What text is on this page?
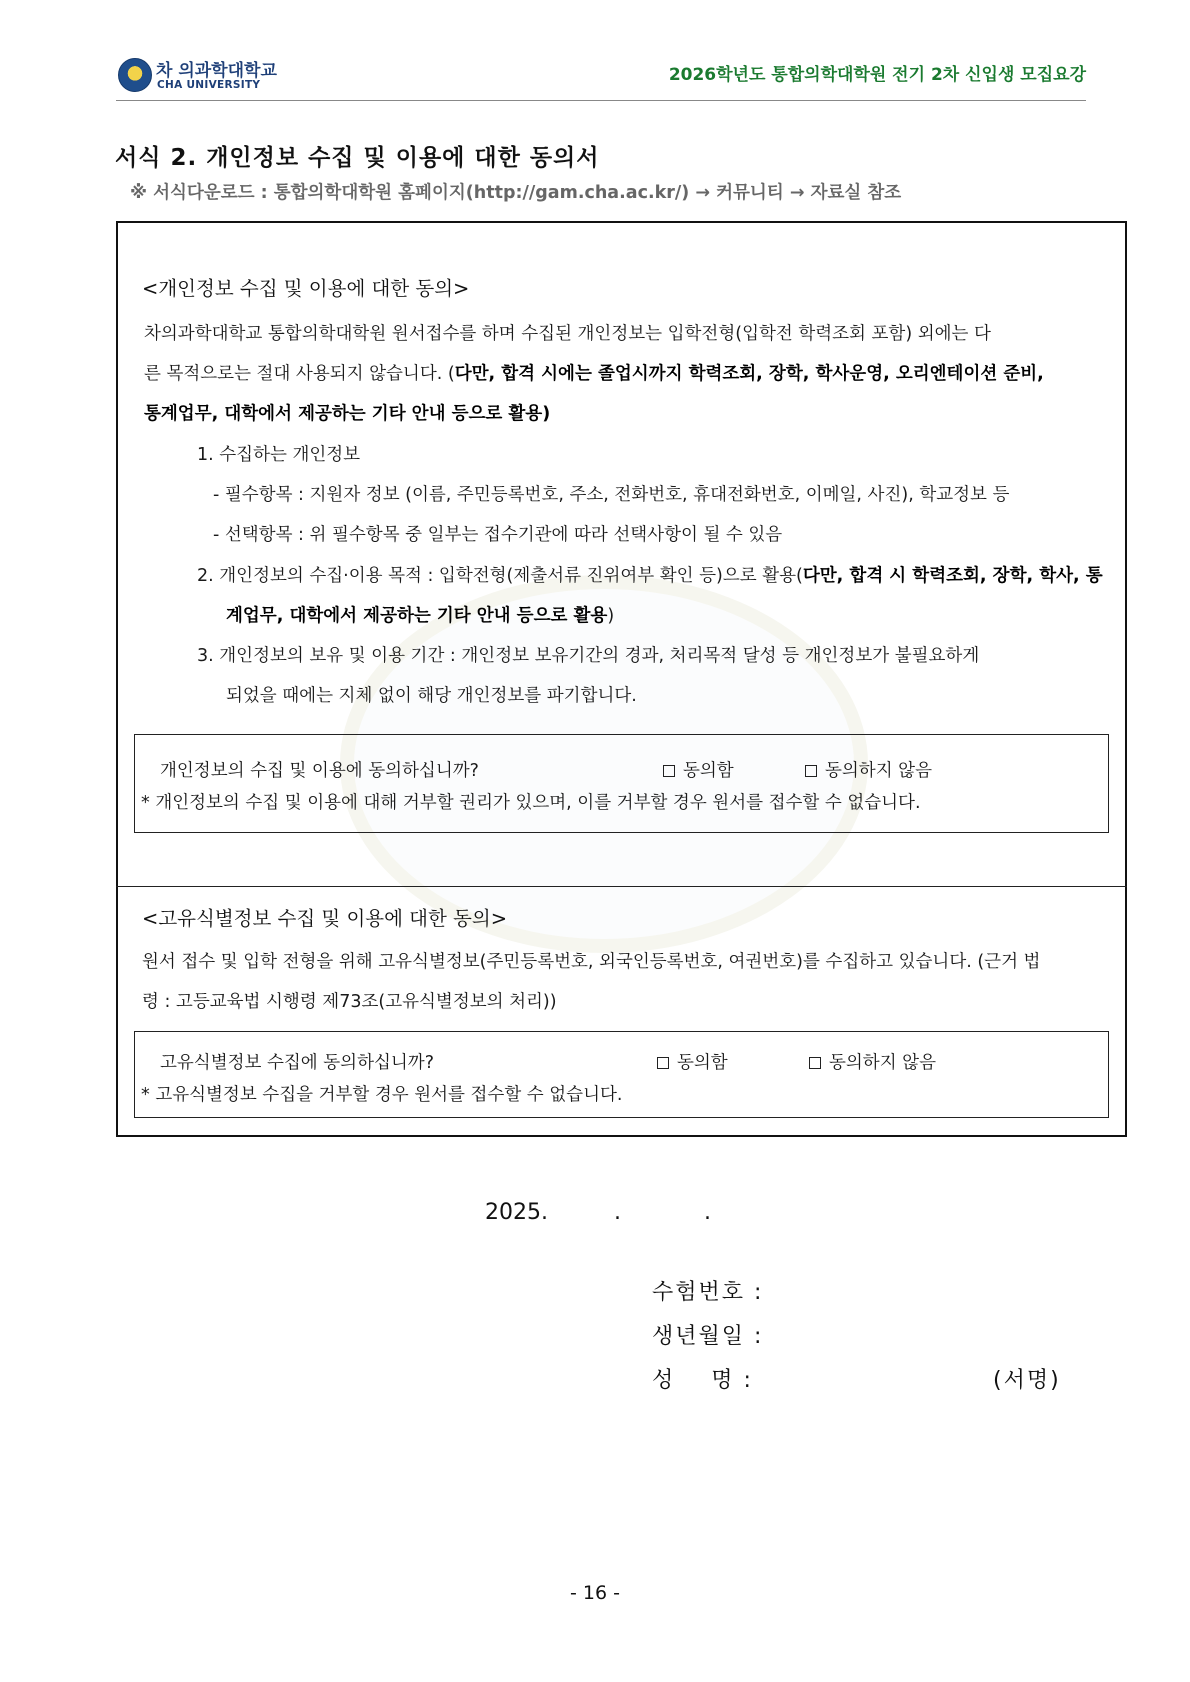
차 의과학대학교
CHA UNIVERSITY	2026학년도 통합의학대학원 전기 2차 신입생 모집요강
서식 2. 개인정보 수집 및 이용에 대한 동의서
※ 서식다운로드 : 통합의학대학원 홈페이지(http://gam.cha.ac.kr/) → 커뮤니티 → 자료실 참조
<개인정보 수집 및 이용에 대한 동의>
차의과학대학교 통합의학대학원 원서접수를 하며 수집된 개인정보는 입학전형(입학전 학력조회 포함) 외에는 다
른 목적으로는 절대 사용되지 않습니다. (다만, 합격 시에는 졸업시까지 학력조회, 장학, 학사운영, 오리엔테이션 준비,
통계업무, 대학에서 제공하는 기타 안내 등으로 활용)
1. 수집하는 개인정보
- 필수항목 : 지원자 정보 (이름, 주민등록번호, 주소, 전화번호, 휴대전화번호, 이메일, 사진), 학교정보 등
- 선택항목 : 위 필수항목 중 일부는 접수기관에 따라 선택사항이 될 수 있음
2. 개인정보의 수집·이용 목적 : 입학전형(제출서류 진위여부 확인 등)으로 활용(다만, 합격 시 학력조회, 장학, 학사, 통
계업무, 대학에서 제공하는 기타 안내 등으로 활용)
3. 개인정보의 보유 및 이용 기간 : 개인정보 보유기간의 경과, 처리목적 달성 등 개인정보가 불필요하게
되었을 때에는 지체 없이 해당 개인정보를 파기합니다.
개인정보의 수집 및 이용에 동의하십니까?	동의함	동의하지 않음
* 개인정보의 수집 및 이용에 대해 거부할 권리가 있으며, 이를 거부할 경우 원서를 접수할 수 없습니다.
<고유식별정보 수집 및 이용에 대한 동의>
원서 접수 및 입학 전형을 위해 고유식별정보(주민등록번호, 외국인등록번호, 여권번호)를 수집하고 있습니다. (근거 법
령 : 고등교육법 시행령 제73조(고유식별정보의 처리))
고유식별정보 수집에 동의하십니까?	동의함	동의하지 않음
* 고유식별정보 수집을 거부할 경우 원서를 접수할 수 없습니다.
2025.	.	.
수험번호 :
생년월일 :
성    명 :	(서명)
- 16 -
